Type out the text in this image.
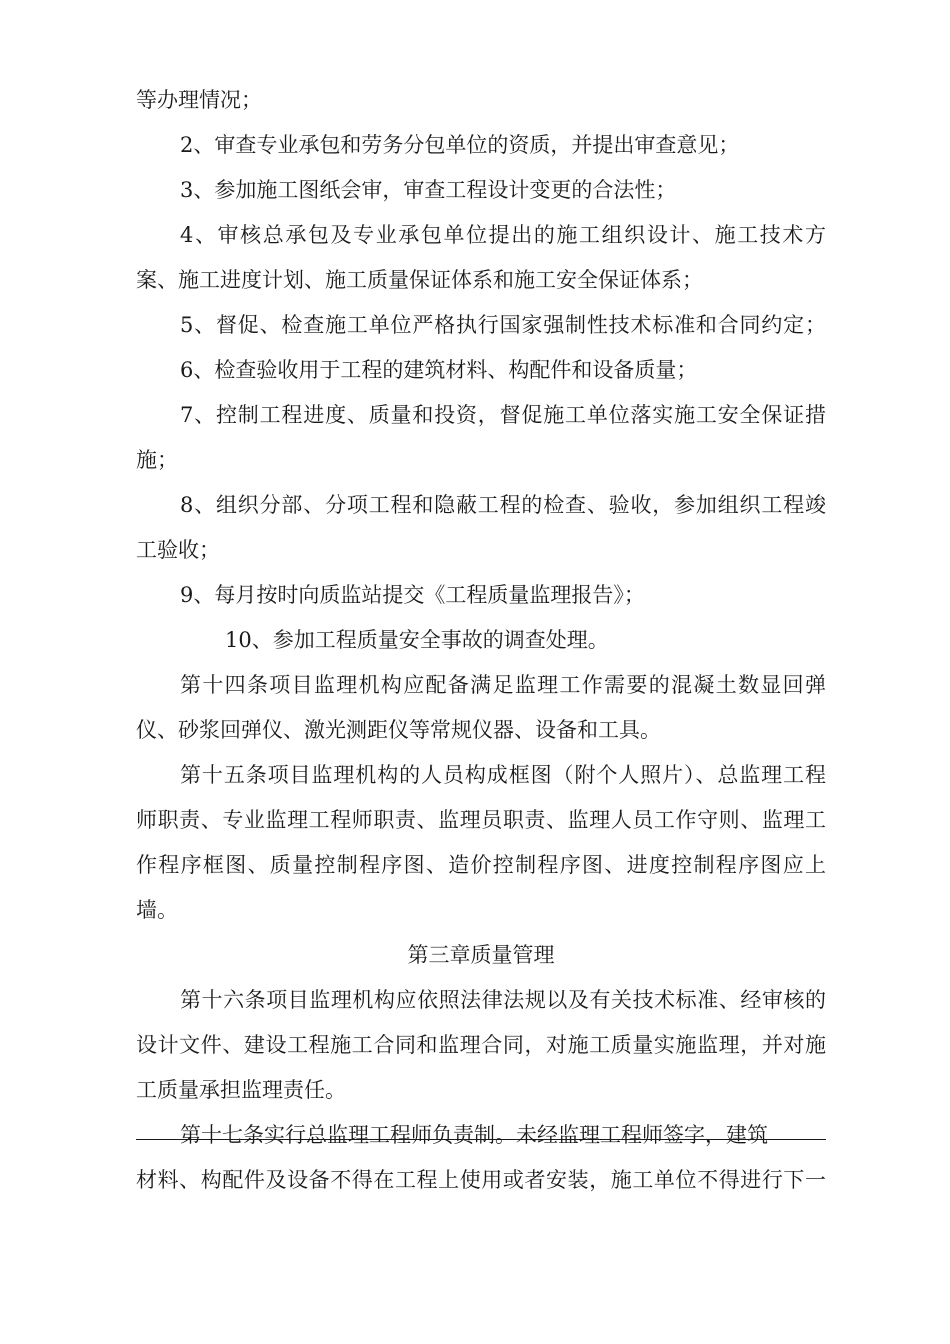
等办理情况；
2、审查专业承包和劳务分包单位的资质，并提出审查意见；
3、参加施工图纸会审，审查工程设计变更的合法性；
4、审核总承包及专业承包单位提出的施工组织设计、施工技术方
案、施工进度计划、施工质量保证体系和施工安全保证体系；
5、督促、检查施工单位严格执行国家强制性技术标准和合同约定；
6、检查验收用于工程的建筑材料、构配件和设备质量；
7、控制工程进度、质量和投资，督促施工单位落实施工安全保证措
施；
8、组织分部、分项工程和隐蔽工程的检查、验收，参加组织工程竣
工验收；
9、每月按时向质监站提交《工程质量监理报告》；
10、参加工程质量安全事故的调查处理。
第十四条项目监理机构应配备满足监理工作需要的混凝土数显回弹
仪、砂浆回弹仪、激光测距仪等常规仪器、设备和工具。
第十五条项目监理机构的人员构成框图（附个人照片）、总监理工程
师职责、专业监理工程师职责、监理员职责、监理人员工作守则、监理工
作程序框图、质量控制程序图、造价控制程序图、进度控制程序图应上
墙。
第三章质量管理
第十六条项目监理机构应依照法律法规以及有关技术标准、经审核的
设计文件、建设工程施工合同和监理合同，对施工质量实施监理，并对施
工质量承担监理责任。
第十七条实行总监理工程师负责制。未经监理工程师签字，建筑
材料、构配件及设备不得在工程上使用或者安装，施工单位不得进行下一
